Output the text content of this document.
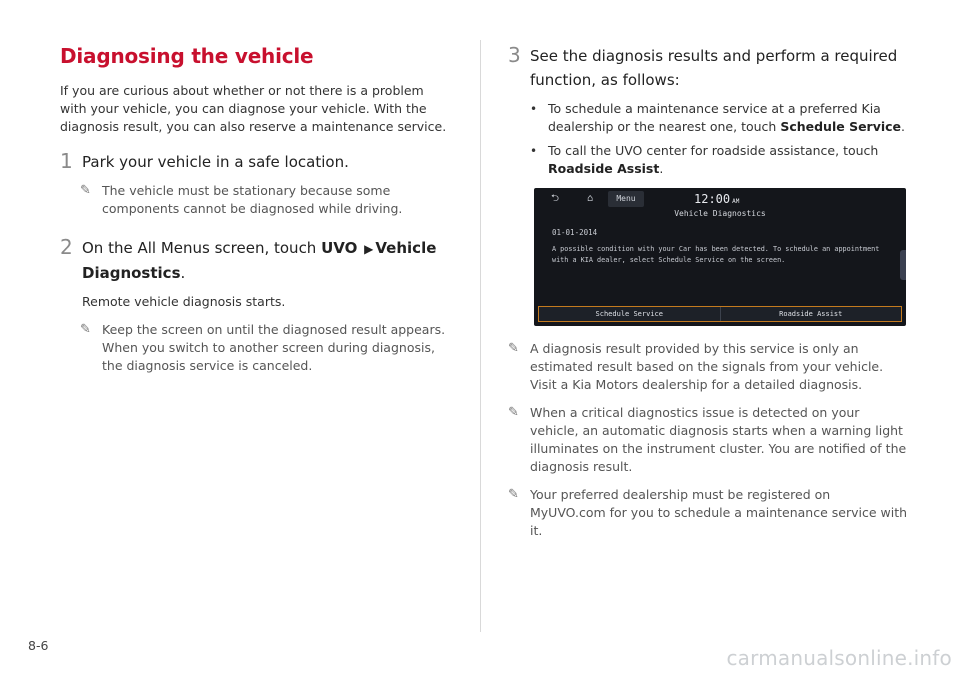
Diagnosing the vehicle

If you are curious about whether or not there is a problem with your vehicle, you can diagnose your vehicle. With the diagnosis result, you can also reserve a maintenance service.

1 Park your vehicle in a safe location.
✎ The vehicle must be stationary because some components cannot be diagnosed while driving.
2 On the All Menus screen, touch UVO ▶ Vehicle Diagnostics.

Remote vehicle diagnosis starts.

✎ Keep the screen on until the diagnosed result appears. When you switch to another screen during diagnosis, the diagnosis service is canceled.
3 See the diagnosis results and perform a required function, as follows:
• To schedule a maintenance service at a preferred Kia dealership or the nearest one, touch Schedule Service.
• To call the UVO center for roadside assistance, touch Roadside Assist.
⮌	⌂	Menu	12:00 AM
Vehicle Diagnostics
01-01-2014
A possible condition with your Car has been detected. To schedule an appointment with a KIA dealer, select Schedule Service on the screen.
Schedule Service	Roadside Assist
✎ A diagnosis result provided by this service is only an estimated result based on the signals from your vehicle. Visit a Kia Motors dealership for a detailed diagnosis.
✎ When a critical diagnostics issue is detected on your vehicle, an automatic diagnosis starts when a warning light illuminates on the instrument cluster. You are notified of the diagnosis result.
✎ Your preferred dealership must be registered on MyUVO.com for you to schedule a maintenance service with it.
8-6
carmanualsonline.info
